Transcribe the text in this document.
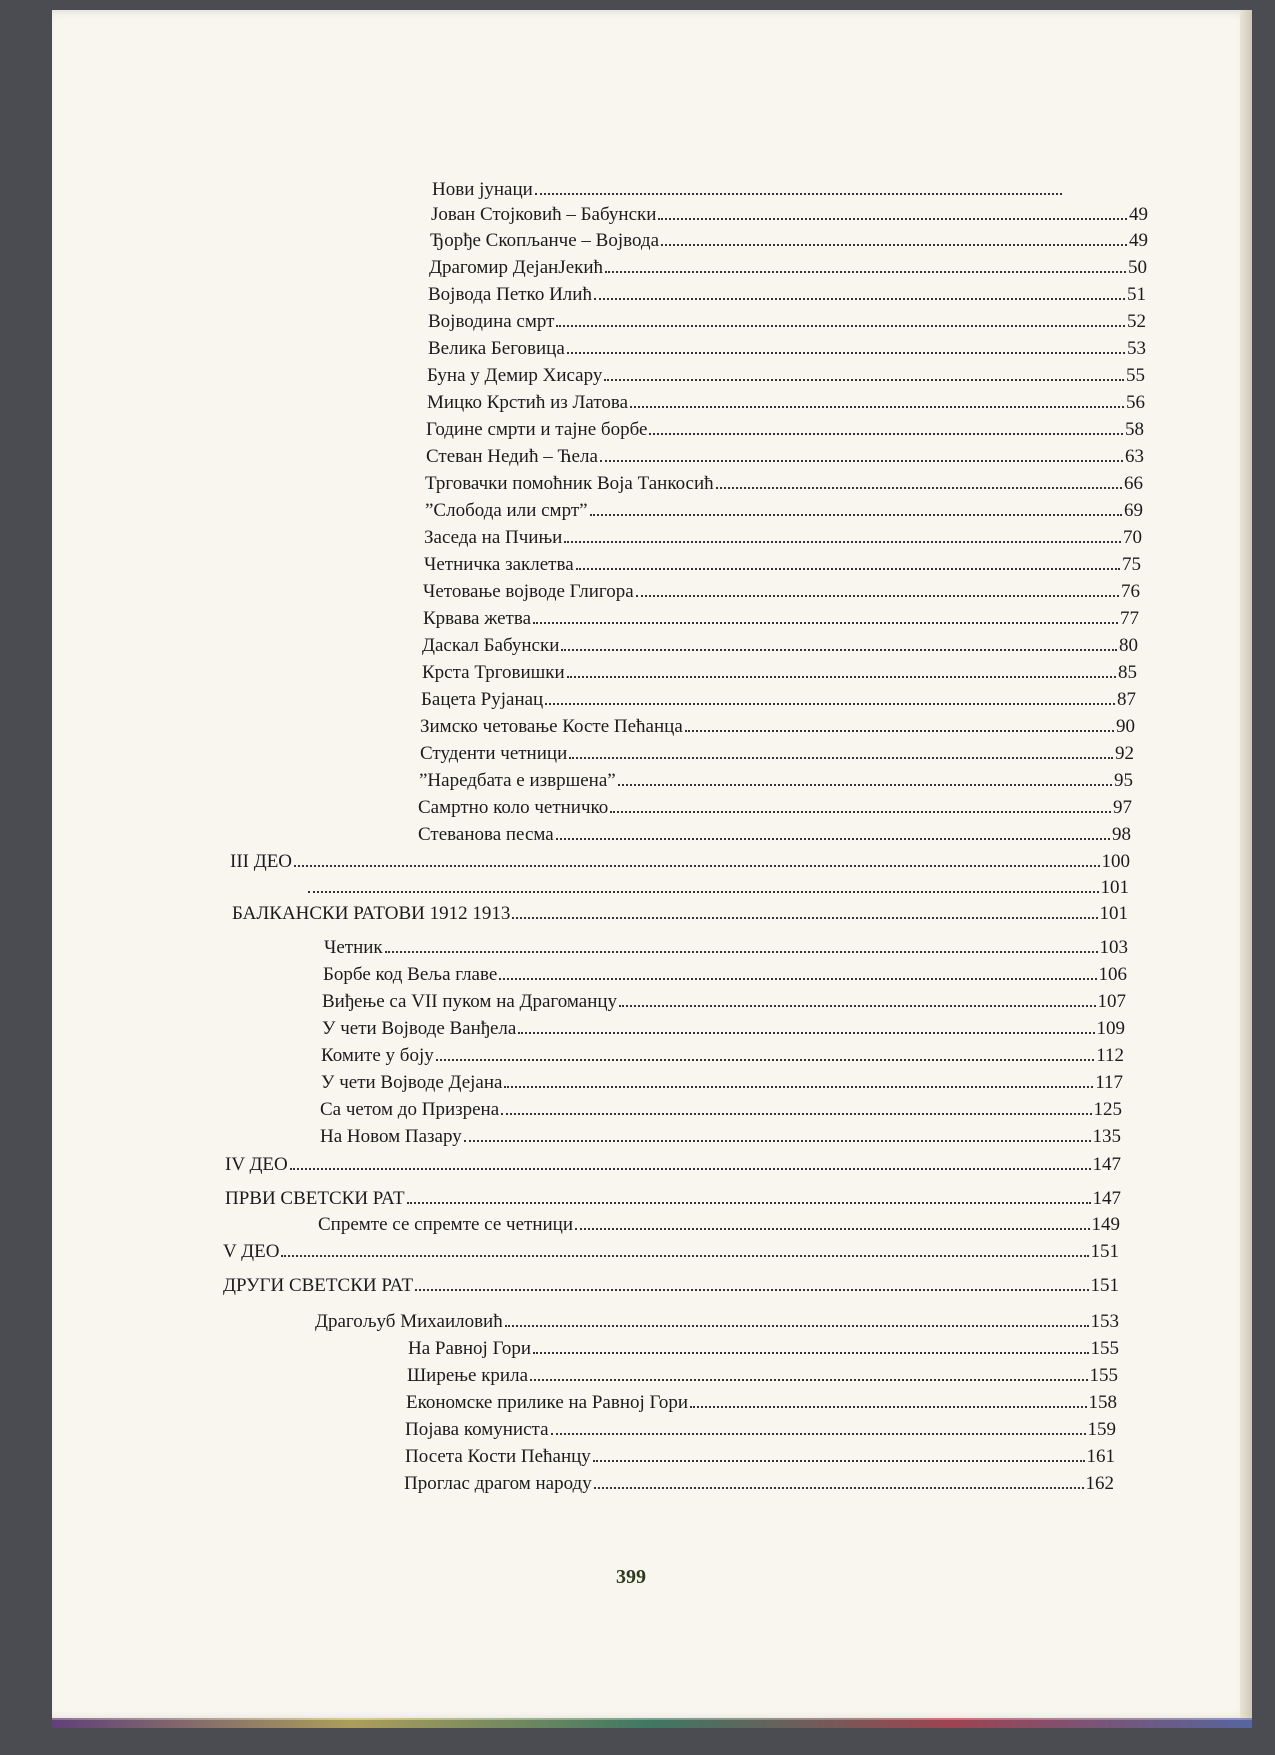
Нови јунаци
Јован Стојковић – Бабунски	49
Ђорђе Скопљанче – Војвода	49
Драгомир ДејанЈекић	50
Војвода Петко Илић	51
Војводина смрт	52
Велика Беговица	53
Буна у Демир Хисару	55
Мицко Крстић из Латова	56
Године смрти и тајне борбе	58
Стеван Недић – Ћела	63
Трговачки помоћник Воја Танкосић	66
”Слобода или смрт”	69
Заседа на Пчињи	70
Четничка заклетва	75
Четовање војводе Глигора	76
Крвава жетва	77
Даскал Бабунски	80
Крста Трговишки	85
Бацета Рујанац	87
Зимско четовање Косте Пећанца	90
Студенти четници	92
”Наредбата е извршена”	95
Самртно коло четничко	97
Стеванова песма	98
III ДЕО	100
101
БАЛКАНСКИ РАТОВИ 1912 1913	101
Четник	103
Борбе код Веља главе	106
Виђење са VII пуком на Драгоманцу	107
У чети Војводе Ванђела	109
Комите у боју	112
У чети Војводе Дејана	117
Са четом до Призрена	125
На Новом Пазару	135
IV ДЕО	147
ПРВИ СВЕТСКИ РАТ	147
Спремте се спремте се четници	149
V ДЕО	151
ДРУГИ СВЕТСКИ РАТ	151
Драгољуб Михаиловић	153
На Равној Гори	155
Ширење крила	155
Економске прилике на Равној Гори	158
Појава комуниста	159
Посета Кости Пећанцу	161
Проглас драгом народу	162
399
